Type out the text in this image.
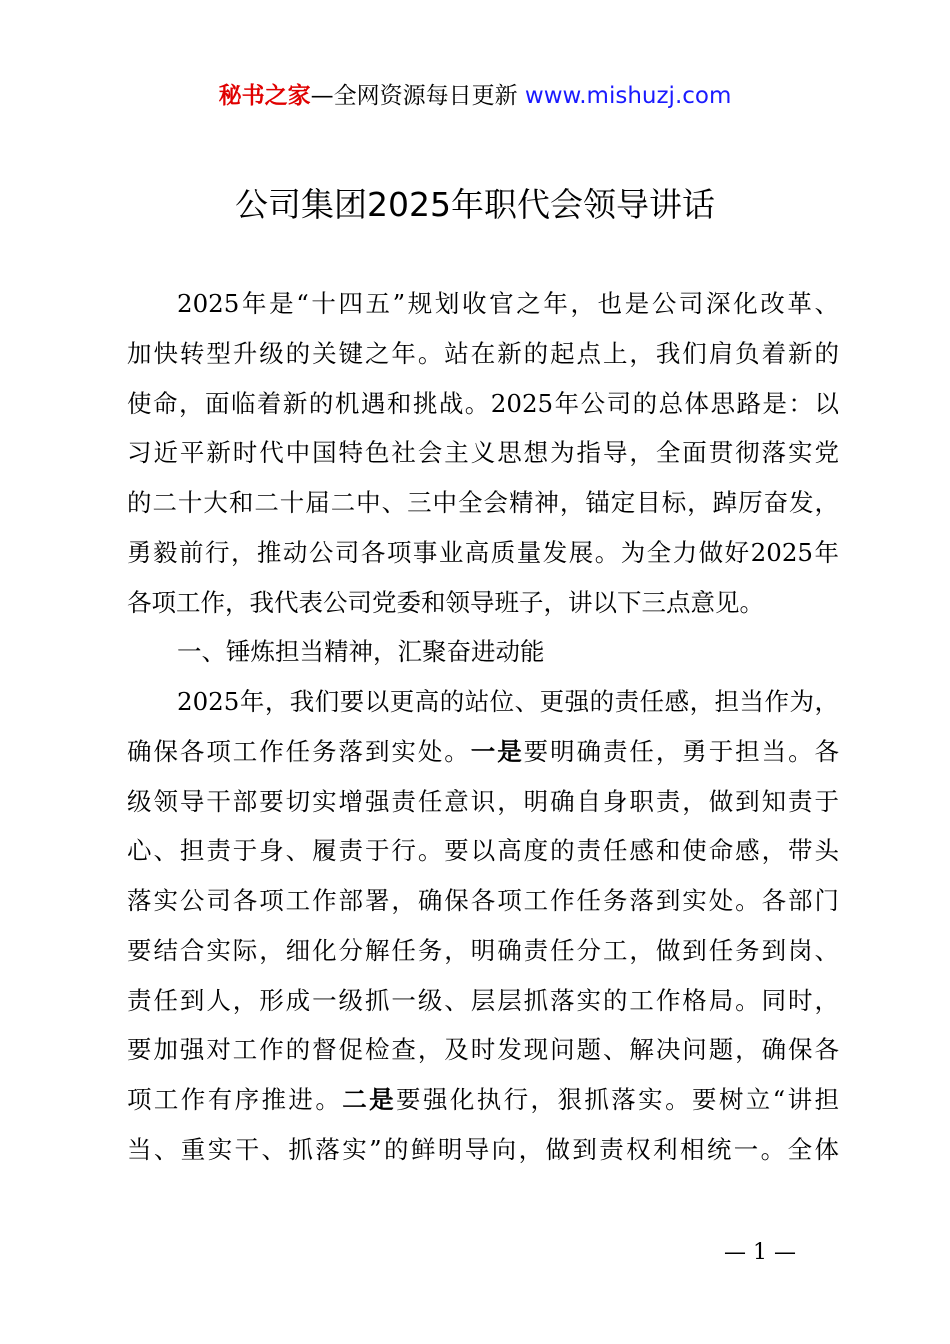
秘书之家—全网资源每日更新 www.mishuzj.com
公司集团2025年职代会领导讲话
2025年是“十四五”规划收官之年，也是公司深化改革、
加快转型升级的关键之年。站在新的起点上，我们肩负着新的
使命，面临着新的机遇和挑战。2025年公司的总体思路是：以
习近平新时代中国特色社会主义思想为指导，全面贯彻落实党
的二十大和二十届二中、三中全会精神，锚定目标，踔厉奋发，
勇毅前行，推动公司各项事业高质量发展。为全力做好2025年
各项工作，我代表公司党委和领导班子，讲以下三点意见。
一、锤炼担当精神，汇聚奋进动能
2025年，我们要以更高的站位、更强的责任感，担当作为，
确保各项工作任务落到实处。一是要明确责任，勇于担当。各
级领导干部要切实增强责任意识，明确自身职责，做到知责于
心、担责于身、履责于行。要以高度的责任感和使命感，带头
落实公司各项工作部署，确保各项工作任务落到实处。各部门
要结合实际，细化分解任务，明确责任分工，做到任务到岗、
责任到人，形成一级抓一级、层层抓落实的工作格局。同时，
要加强对工作的督促检查，及时发现问题、解决问题，确保各
项工作有序推进。二是要强化执行，狠抓落实。要树立“讲担
当、重实干、抓落实”的鲜明导向，做到责权利相统一。全体
— 1 —
